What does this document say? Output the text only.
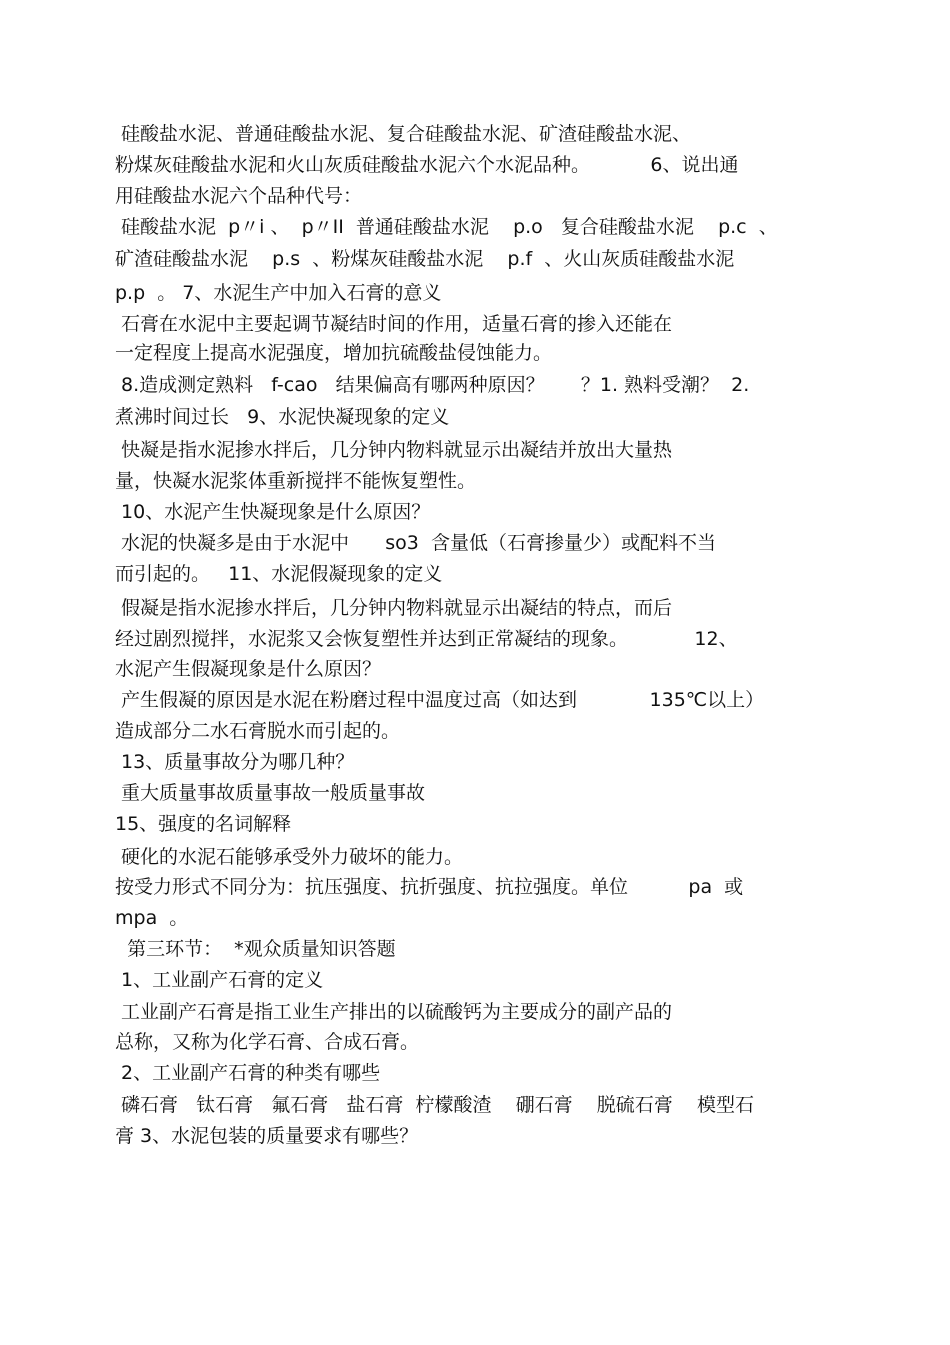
硅酸盐水泥、普通硅酸盐水泥、复合硅酸盐水泥、矿渣硅酸盐水泥、
粉煤灰硅酸盐水泥和火山灰质硅酸盐水泥六个水泥品种。          6、说出通
用硅酸盐水泥六个品种代号：
硅酸盐水泥  p〃i 、  p〃II  普通硅酸盐水泥    p.o   复合硅酸盐水泥    p.c  、
矿渣硅酸盐水泥    p.s  、粉煤灰硅酸盐水泥    p.f  、火山灰质硅酸盐水泥
p.p  。 7、水泥生产中加入石膏的意义
石膏在水泥中主要起调节凝结时间的作用，适量石膏的掺入还能在
一定程度上提高水泥强度，增加抗硫酸盐侵蚀能力。
8.造成测定熟料   f-cao   结果偏高有哪两种原因？      ？1. 熟料受潮？  2.
煮沸时间过长   9、水泥快凝现象的定义
快凝是指水泥掺水拌后，几分钟内物料就显示出凝结并放出大量热
量，快凝水泥浆体重新搅拌不能恢复塑性。
10、水泥产生快凝现象是什么原因？
水泥的快凝多是由于水泥中      so3  含量低（石膏掺量少）或配料不当
而引起的。   11、水泥假凝现象的定义
假凝是指水泥掺水拌后，几分钟内物料就显示出凝结的特点，而后
经过剧烈搅拌，水泥浆又会恢复塑性并达到正常凝结的现象。           12、
水泥产生假凝现象是什么原因？
产生假凝的原因是水泥在粉磨过程中温度过高（如达到            135℃以上）
造成部分二水石膏脱水而引起的。
13、质量事故分为哪几种？
重大质量事故质量事故一般质量事故
15、强度的名词解释
硬化的水泥石能够承受外力破坏的能力。
按受力形式不同分为：抗压强度、抗折强度、抗拉强度。单位          pa  或
mpa  。
第三环节：  *观众质量知识答题
1、工业副产石膏的定义
工业副产石膏是指工业生产排出的以硫酸钙为主要成分的副产品的
总称，又称为化学石膏、合成石膏。
2、工业副产石膏的种类有哪些
磷石膏   钛石膏   氟石膏   盐石膏  柠檬酸渣    硼石膏    脱硫石膏    模型石
膏 3、水泥包装的质量要求有哪些？
